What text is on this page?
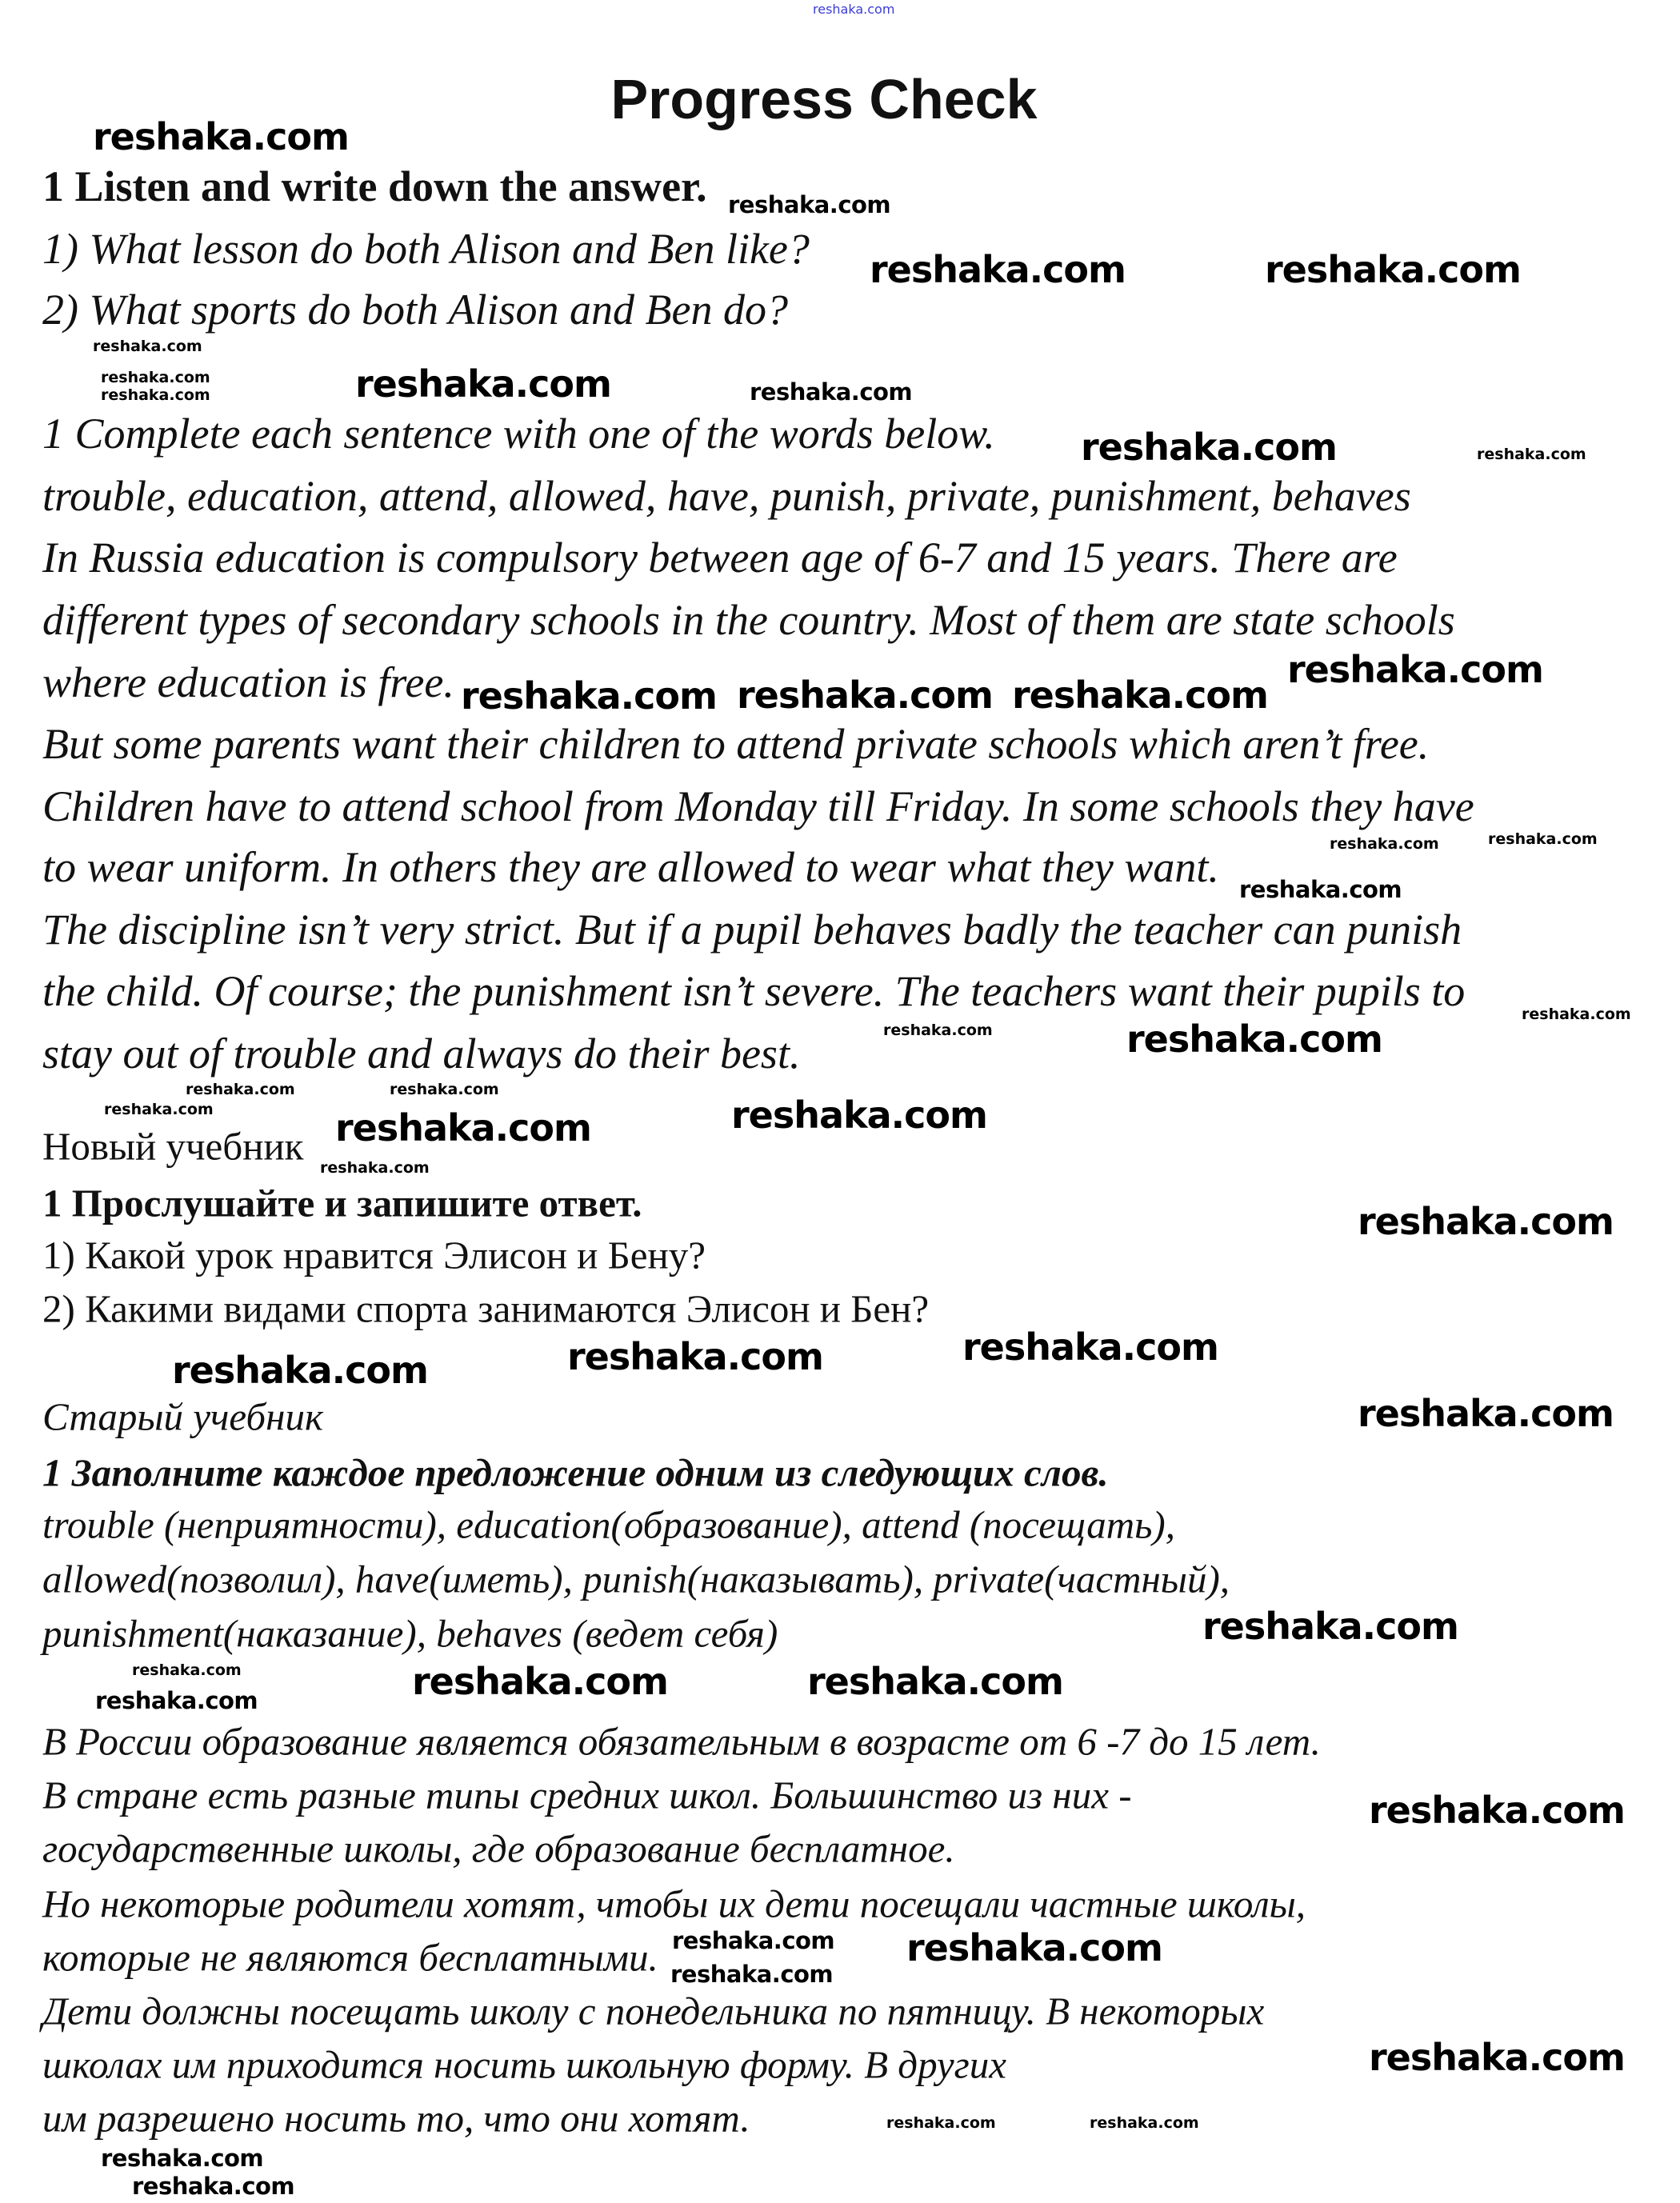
Progress Check
1 Listen and write down the answer.
1) What lesson do both Alison and Ben like?
2) What sports do both Alison and Ben do?
1 Complete each sentence with one of the words below.
trouble, education, attend, allowed, have, punish, private, punishment, behaves
In Russia education is compulsory between age of 6-7 and 15 years. There are
different types of secondary schools in the country. Most of them are state schools
where education is free.
But some parents want their children to attend private schools which aren’t free.
Children have to attend school from Monday till Friday. In some schools they have
to wear uniform. In others they are allowed to wear what they want.
The discipline isn’t very strict. But if a pupil behaves badly the teacher can punish
the child. Of course; the punishment isn’t severe. The teachers want their pupils to
stay out of trouble and always do their best.
Новый учебник
1 Прослушайте и запишите ответ.
1) Какой урок нравится Элисон и Бену?
2) Какими видами спорта занимаются Элисон и Бен?
Старый учебник
1 Заполните каждое предложение одним из следующих слов.
trouble (неприятности), education(образование), attend (посещать),
allowed(позволил), have(иметь), punish(наказывать), private(частный),
punishment(наказание), behaves (ведет себя)
В России образование является обязательным в возрасте от 6 -7 до 15 лет.
В стране есть разные типы средних школ. Большинство из них -
государственные школы, где образование бесплатное.
Но некоторые родители хотят, чтобы их дети посещали частные школы,
которые не являются бесплатными.
Дети должны посещать школу с понедельника по пятницу. В некоторых
школах им приходится носить школьную форму. В других
им разрешено носить то, что они хотят.
reshaka.com
reshaka.com
reshaka.com	reshaka.com
reshaka.com
reshaka.com
reshaka.com
reshaka.com reshaka.com reshaka.com
reshaka.com
reshaka.com	reshaka.com
reshaka.com
reshaka.com	reshaka.com
reshaka.com
reshaka.com
reshaka.com
reshaka.com	reshaka.com
reshaka.com
reshaka.com
reshaka.com
reshaka.com
reshaka.com
reshaka.com
reshaka.com
reshaka.com
reshaka.com
reshaka.com
reshaka.com
reshaka.com
reshaka.com
reshaka.com
reshaka.com
reshaka.com	reshaka.com
reshaka.com	reshaka.com
reshaka.com
reshaka.com
reshaka.com
reshaka.com
reshaka.com
reshaka.com	reshaka.com
